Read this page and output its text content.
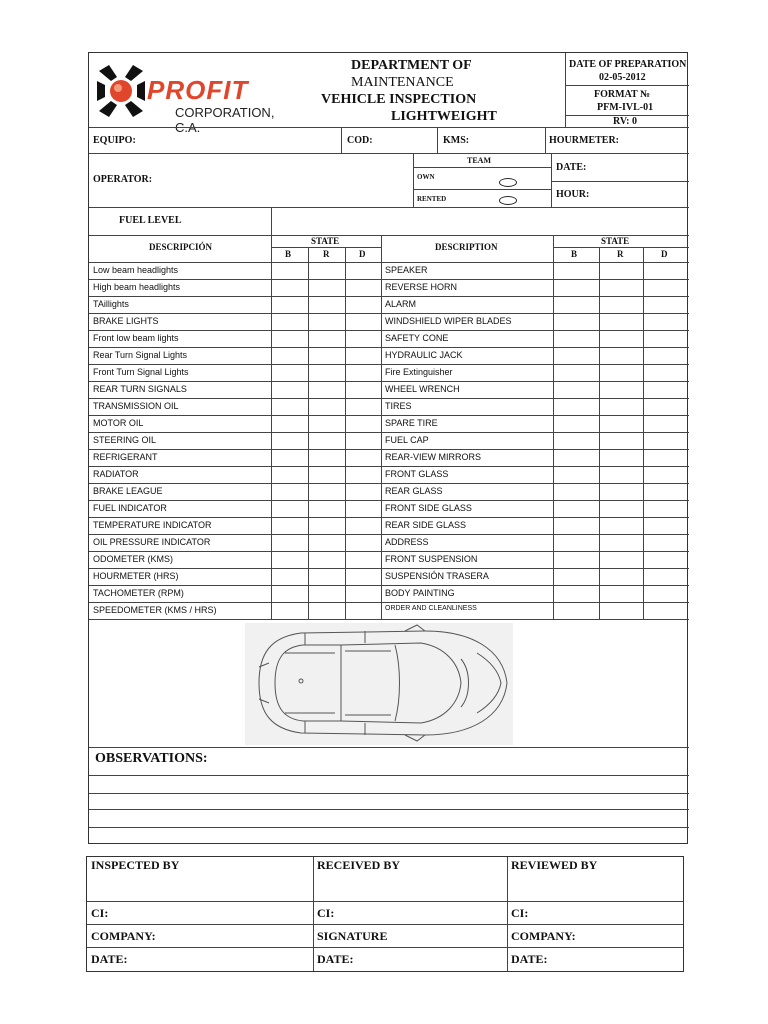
PROFIT
CORPORATION, C.A.
DEPARTMENT OF
MAINTENANCE
VEHICLE INSPECTION
LIGHTWEIGHT
DATE OF PREPARATION
02-05-2012
FORMAT №
PFM-IVL-01
RV: 0
EQUIPO:	COD:	KMS:	HOURMETER:
OPERATOR:
TEAM
OWN
RENTED
DATE:
HOUR:
FUEL LEVEL
DESCRIPCIÓN
STATE
B	R	D
DESCRIPTION
STATE
B	R	D
Low beam headlights	SPEAKER
High beam headlights	REVERSE HORN
TAillights	ALARM
BRAKE LIGHTS	WINDSHIELD WIPER BLADES
Front low beam lights	SAFETY CONE
Rear Turn Signal Lights	HYDRAULIC JACK
Front Turn Signal Lights	Fire Extinguisher
REAR TURN SIGNALS	WHEEL WRENCH
TRANSMISSION OIL	TIRES
MOTOR OIL	SPARE TIRE
STEERING OIL	FUEL CAP
REFRIGERANT	REAR-VIEW MIRRORS
RADIATOR	FRONT GLASS
BRAKE LEAGUE	REAR GLASS
FUEL INDICATOR	FRONT SIDE GLASS
TEMPERATURE INDICATOR	REAR SIDE GLASS
OIL PRESSURE INDICATOR	ADDRESS
ODOMETER (KMS)	FRONT SUSPENSION
HOURMETER (HRS)	SUSPENSIÓN TRASERA
TACHOMETER (RPM)	BODY PAINTING
SPEEDOMETER (KMS / HRS)	ORDER AND CLEANLINESS
OBSERVATIONS:
INSPECTED BY	RECEIVED BY	REVIEWED BY
CI:	CI:	CI:
COMPANY:	SIGNATURE	COMPANY:
DATE:	DATE:	DATE:
